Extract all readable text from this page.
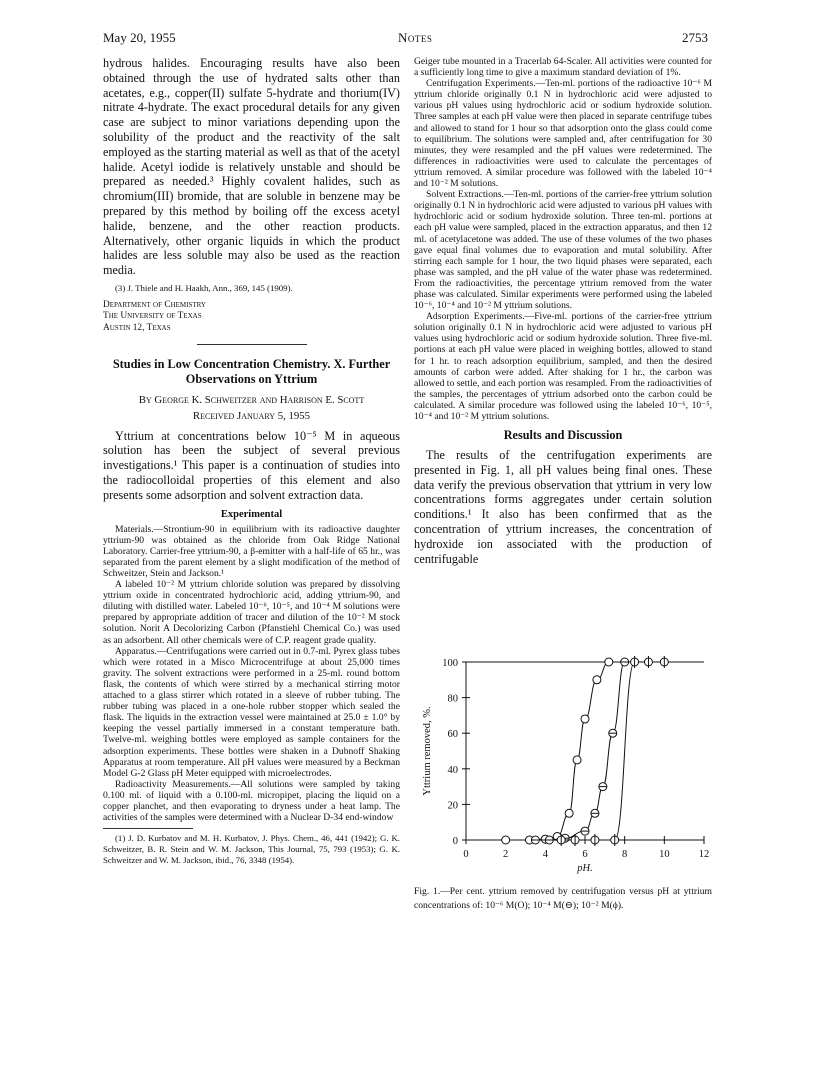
May 20, 1955	Notes	2753

hydrous halides. Encouraging results have also been obtained through the use of hydrated salts other than acetates, e.g., copper(II) sulfate 5-hydrate and thorium(IV) nitrate 4-hydrate. The exact procedural details for any given case are subject to minor variations depending upon the solubility of the product and the reactivity of the salt employed as the starting material as well as that of the acetyl halide. Acetyl iodide is relatively unstable and should be prepared as needed.³ Highly covalent halides, such as chromium(III) bromide, that are soluble in benzene may be prepared by this method by boiling off the excess acetyl halide, benzene, and the other reaction products. Alternatively, other organic liquids in which the product halides are less soluble may also be used as the reaction media.

(3) J. Thiele and H. Haakh, Ann., 369, 145 (1909).

Department of Chemistry
The University of Texas
Austin 12, Texas
Studies in Low Concentration Chemistry. X. Further Observations on Yttrium
By George K. Schweitzer and Harrison E. Scott
Received January 5, 1955

Yttrium at concentrations below 10⁻⁵ M in aqueous solution has been the subject of several previous investigations.¹ This paper is a continuation of studies into the radiocolloidal properties of this element and also presents some adsorption and solvent extraction data.

Experimental

Materials.—Strontium-90 in equilibrium with its radioactive daughter yttrium-90 was obtained as the chloride from Oak Ridge National Laboratory. Carrier-free yttrium-90, a β-emitter with a half-life of 65 hr., was separated from the parent element by a slight modification of the method of Schweitzer, Stein and Jackson.¹

A labeled 10⁻² M yttrium chloride solution was prepared by dissolving yttrium oxide in concentrated hydrochloric acid, adding yttrium-90, and diluting with distilled water. Labeled 10⁻⁶, 10⁻⁵, and 10⁻⁴ M solutions were prepared by appropriate addition of tracer and dilution of the 10⁻² M stock solution. Norit A Decolorizing Carbon (Pfanstiehl Chemical Co.) was used as an adsorbent. All other chemicals were of C.P. reagent grade quality.

Apparatus.—Centrifugations were carried out in 0.7-ml. Pyrex glass tubes which were rotated in a Misco Microcentrifuge at about 25,000 times gravity. The solvent extractions were performed in a 25-ml. round bottom flask, the contents of which were stirred by a mechanical stirring motor attached to a glass stirrer which rotated in a sleeve of rubber tubing. The rubber tubing was placed in a one-hole rubber stopper which sealed the flask. The liquids in the extraction vessel were maintained at 25.0 ± 1.0° by keeping the vessel partially immersed in a constant temperature bath. Twelve-ml. weighing bottles were employed as sample containers for the adsorption experiments. These bottles were shaken in a Dubnoff Shaking Apparatus at room temperature. All pH values were measured by a Beckman Model G-2 Glass pH Meter equipped with microelectrodes.

Radioactivity Measurements.—All solutions were sampled by taking 0.100 ml. of liquid with a 0.100-ml. micropipet, placing the liquid on a copper planchet, and then evaporating to dryness under a heat lamp. The activities of the samples were determined with a Nuclear D-34 end-window

(1) J. D. Kurbatov and M. H. Kurbatov, J. Phys. Chem., 46, 441 (1942); G. K. Schweitzer, B. R. Stein and W. M. Jackson, This Journal, 75, 793 (1953); G. K. Schweitzer and W. M. Jackson, ibid., 76, 3348 (1954).

Geiger tube mounted in a Tracerlab 64-Scaler. All activities were counted for a sufficiently long time to give a maximum standard deviation of 1%.

Centrifugation Experiments.—Ten-ml. portions of the radioactive 10⁻⁶ M yttrium chloride originally 0.1 N in hydrochloric acid were adjusted to various pH values using hydrochloric acid or sodium hydroxide solution. Three samples at each pH value were then placed in separate centrifuge tubes and allowed to stand for 1 hour so that adsorption onto the glass could come to equilibrium. The solutions were sampled and, after centrifugation for 30 minutes, they were resampled and the pH values were redetermined. The differences in radioactivities were used to calculate the percentages of yttrium removed. A similar procedure was followed with the labeled 10⁻⁴ and 10⁻² M solutions.

Solvent Extractions.—Ten-ml. portions of the carrier-free yttrium solution originally 0.1 N in hydrochloric acid were adjusted to various pH values with hydrochloric acid or sodium hydroxide solution. Three ten-ml. portions at each pH value were sampled, placed in the extraction apparatus, and then 12 ml. of acetylacetone was added. The use of these volumes of the two phases gave equal final volumes due to evaporation and mutal solubility. After stirring each sample for 1 hour, the two liquid phases were separated, each phase was sampled, and the pH value of the water phase was redetermined. From the radioactivities, the percentage yttrium removed from the water phase was calculated. Similar experiments were performed using the labeled 10⁻⁶, 10⁻⁴ and 10⁻² M yttrium solutions.

Adsorption Experiments.—Five-ml. portions of the carrier-free yttrium solution originally 0.1 N in hydrochloric acid were adjusted to various pH values using hydrochloric acid or sodium hydroxide solution. Three five-ml. portions at each pH value were placed in weighing bottles, allowed to stand for 1 hr. to reach adsorption equilibrium, sampled, and then the desired amounts of carbon were added. After shaking for 1 hr., the carbon was allowed to settle, and each portion was resampled. From the radioactivities of the samples, the percentages of yttrium adsorbed onto the carbon could be calculated. A similar procedure was followed using the labeled 10⁻⁶, 10⁻⁵, 10⁻⁴ and 10⁻² M yttrium solutions.

Results and Discussion

The results of the centrifugation experiments are presented in Fig. 1, all pH values being final ones. These data verify the previous observation that yttrium in very low concentrations forms aggregates under certain solution conditions.¹ It also has been confirmed that as the concentration of yttrium increases, the concentration of hydroxide ion associated with the production of centrifugable

0	2	4	6	8	10	12
0
20
40
60
80
100
pH.
Yttrium removed, %.
Fig. 1.—Per cent. yttrium removed by centrifugation versus pH at yttrium concentrations of: 10⁻⁶ M(O); 10⁻⁴ M(⊖); 10⁻² M(ϕ).
